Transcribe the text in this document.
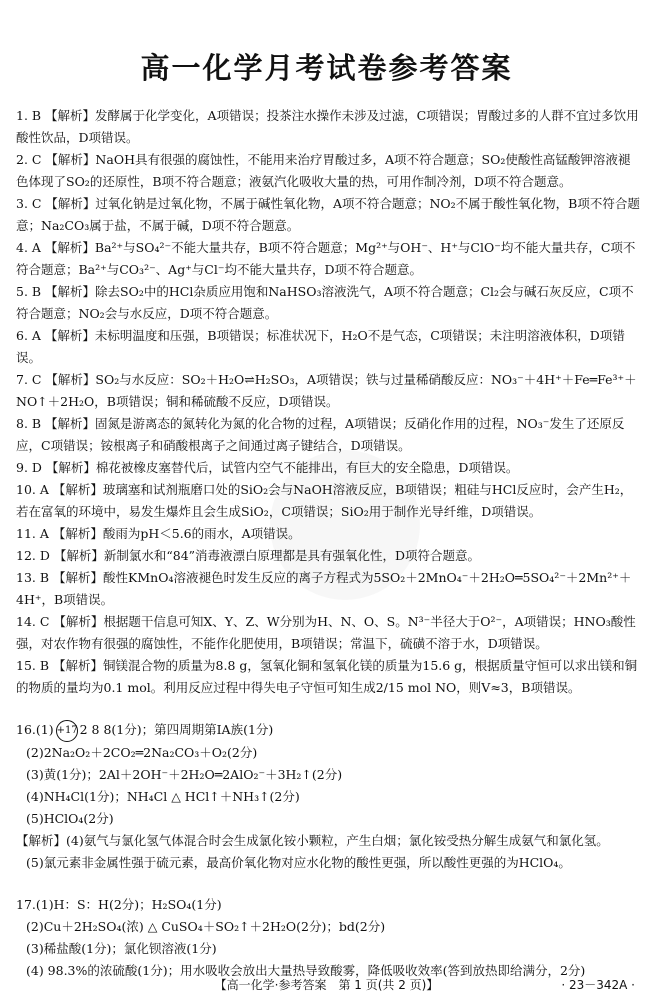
高一化学月考试卷参考答案

1. B 【解析】发酵属于化学变化，A项错误；投茶注水操作未涉及过滤，C项错误；胃酸过多的人群不宜过多饮用酸性饮品，D项错误。

2. C 【解析】NaOH具有很强的腐蚀性，不能用来治疗胃酸过多，A项不符合题意；SO₂使酸性高锰酸钾溶液褪色体现了SO₂的还原性，B项不符合题意；液氨汽化吸收大量的热，可用作制冷剂，D项不符合题意。

3. C 【解析】过氧化钠是过氧化物，不属于碱性氧化物，A项不符合题意；NO₂不属于酸性氧化物，B项不符合题意；Na₂CO₃属于盐，不属于碱，D项不符合题意。

4. A 【解析】Ba²⁺与SO₄²⁻不能大量共存，B项不符合题意；Mg²⁺与OH⁻、H⁺与ClO⁻均不能大量共存，C项不符合题意；Ba²⁺与CO₃²⁻、Ag⁺与Cl⁻均不能大量共存，D项不符合题意。

5. B 【解析】除去SO₂中的HCl杂质应用饱和NaHSO₃溶液洗气，A项不符合题意；Cl₂会与碱石灰反应，C项不符合题意；NO₂会与水反应，D项不符合题意。

6. A 【解析】未标明温度和压强，B项错误；标准状况下，H₂O不是气态，C项错误；未注明溶液体积，D项错误。

7. C 【解析】SO₂与水反应：SO₂＋H₂O⇌H₂SO₃，A项错误；铁与过量稀硝酸反应：NO₃⁻＋4H⁺＋Fe═Fe³⁺＋NO↑＋2H₂O，B项错误；铜和稀硫酸不反应，D项错误。

8. B 【解析】固氮是游离态的氮转化为氮的化合物的过程，A项错误；反硝化作用的过程，NO₃⁻发生了还原反应，C项错误；铵根离子和硝酸根离子之间通过离子键结合，D项错误。

9. D 【解析】棉花被橡皮塞替代后，试管内空气不能排出，有巨大的安全隐患，D项错误。

10. A 【解析】玻璃塞和试剂瓶磨口处的SiO₂会与NaOH溶液反应，B项错误；粗硅与HCl反应时，会产生H₂，若在富氧的环境中，易发生爆炸且会生成SiO₂，C项错误；SiO₂用于制作光导纤维，D项错误。

11. A 【解析】酸雨为pH＜5.6的雨水，A项错误。

12. D 【解析】新制氯水和“84”消毒液漂白原理都是具有强氧化性，D项符合题意。

13. B 【解析】酸性KMnO₄溶液褪色时发生反应的离子方程式为5SO₂＋2MnO₄⁻＋2H₂O═5SO₄²⁻＋2Mn²⁺＋4H⁺，B项错误。

14. C 【解析】根据题干信息可知X、Y、Z、W分别为H、N、O、S。N³⁻半径大于O²⁻，A项错误；HNO₃酸性强，对农作物有很强的腐蚀性，不能作化肥使用，B项错误；常温下，硫磺不溶于水，D项错误。

15. B 【解析】铜镁混合物的质量为8.8 g，氢氧化铜和氢氧化镁的质量为15.6 g，根据质量守恒可以求出镁和铜的物质的量均为0.1 mol。利用反应过程中得失电子守恒可知生成2/15 mol NO，则V≈3，B项错误。

16.(1) +17 2 8 8(1分)；第四周期第ⅠA族(1分)

(2)2Na₂O₂＋2CO₂═2Na₂CO₃＋O₂(2分)

(3)黄(1分)；2Al＋2OH⁻＋2H₂O═2AlO₂⁻＋3H₂↑(2分)

(4)NH₄Cl(1分)；NH₄Cl △ HCl↑＋NH₃↑(2分)

(5)HClO₄(2分)

【解析】(4)氨气与氯化氢气体混合时会生成氯化铵小颗粒，产生白烟；氯化铵受热分解生成氨气和氯化氢。

(5)氯元素非金属性强于硫元素，最高价氧化物对应水化物的酸性更强，所以酸性更强的为HClO₄。

17.(1)H：S：H(2分)；H₂SO₄(1分)

(2)Cu＋2H₂SO₄(浓) △ CuSO₄＋SO₂↑＋2H₂O(2分)；bd(2分)

(3)稀盐酸(1分)；氯化钡溶液(1分)

(4) 98.3%的浓硫酸(1分)；用水吸收会放出大量热导致酸雾，降低吸收效率(答到放热即给满分，2分)

【高一化学·参考答案　第 1 页(共 2 页)】	· 23－342A ·
